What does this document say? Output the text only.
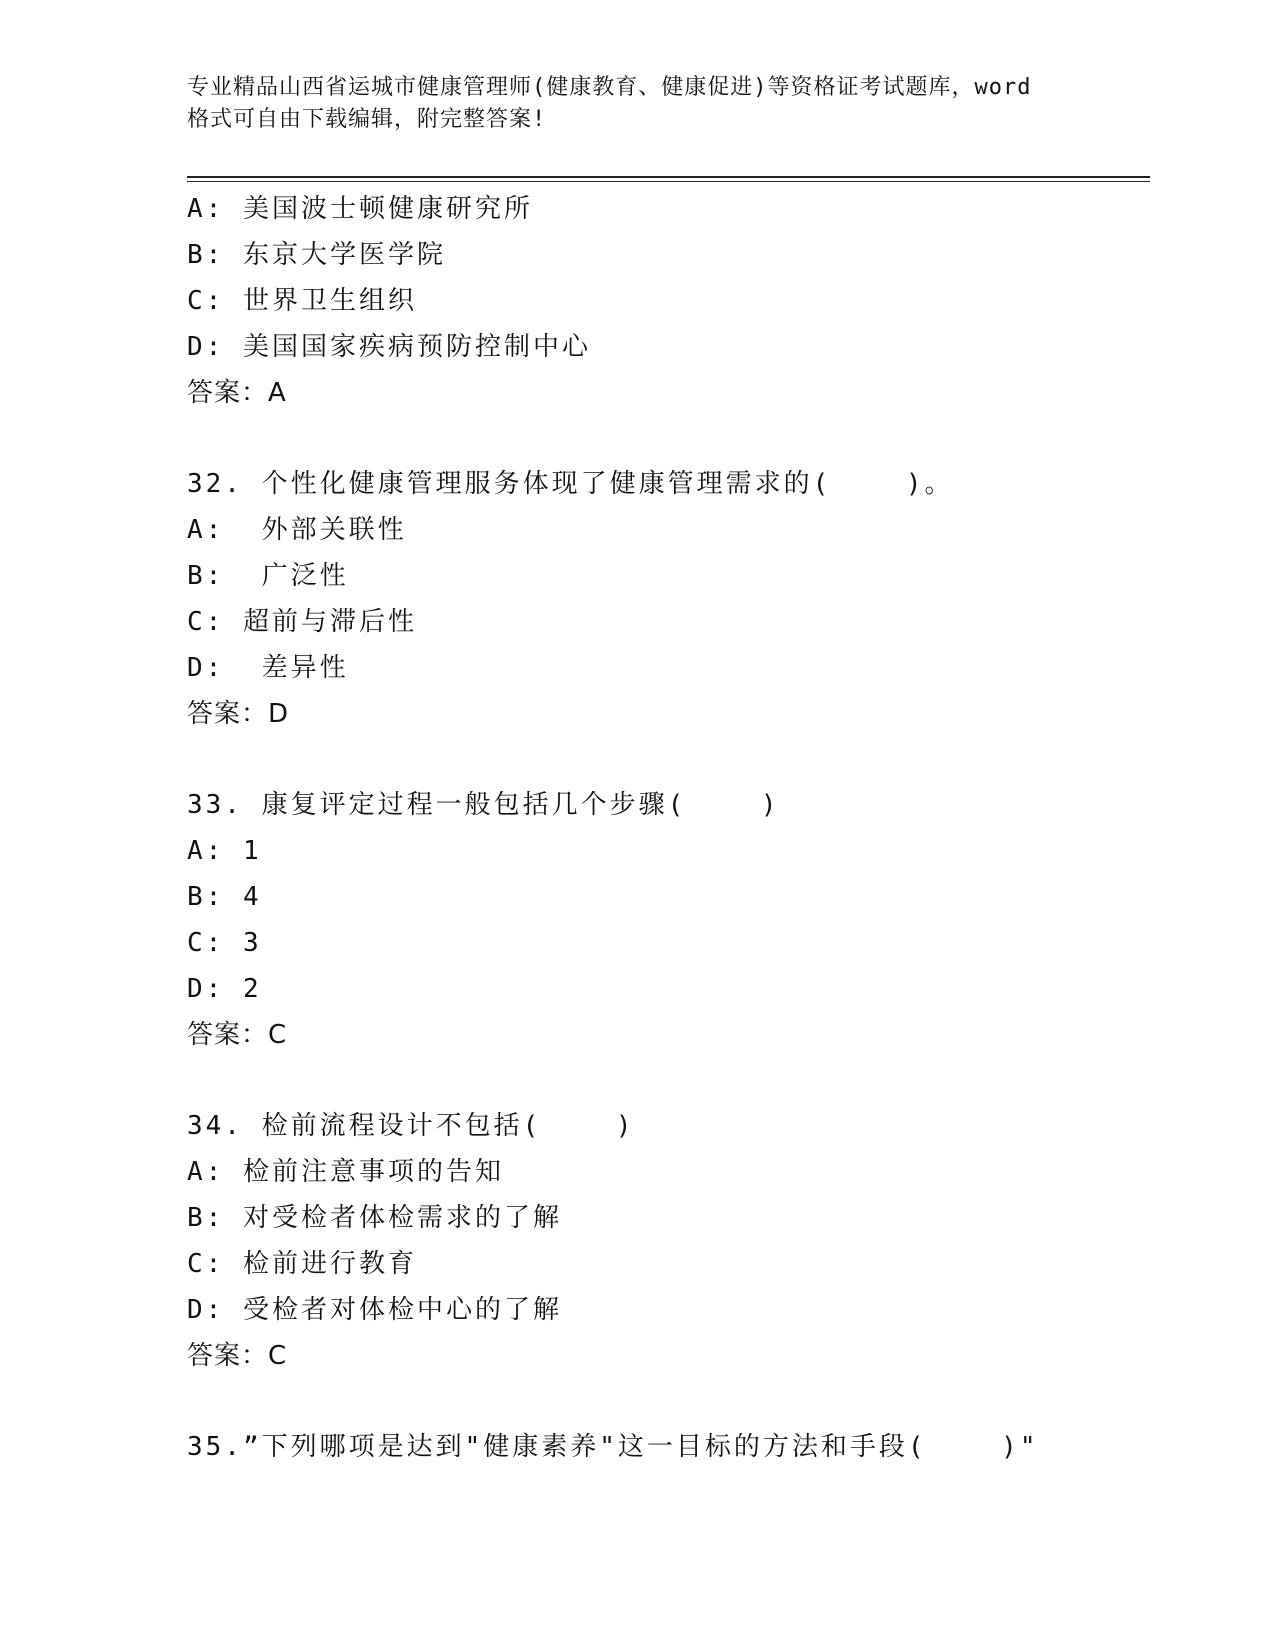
专业精品山西省运城市健康管理师(健康教育、健康促进)等资格证考试题库，word
格式可自由下载编辑，附完整答案!
A: 美国波士顿健康研究所
B: 东京大学医学院
C: 世界卫生组织
D: 美国国家疾病预防控制中心
答案：A
32. 个性化健康管理服务体现了健康管理需求的(    )。
A:  外部关联性
B:  广泛性
C: 超前与滞后性
D:  差异性
答案：D
33. 康复评定过程一般包括几个步骤(    )
A: 1
B: 4
C: 3
D: 2
答案：C
34. 检前流程设计不包括(    )
A: 检前注意事项的告知
B: 对受检者体检需求的了解
C: 检前进行教育
D: 受检者对体检中心的了解
答案：C
35.”下列哪项是达到"健康素养"这一目标的方法和手段(    )"
